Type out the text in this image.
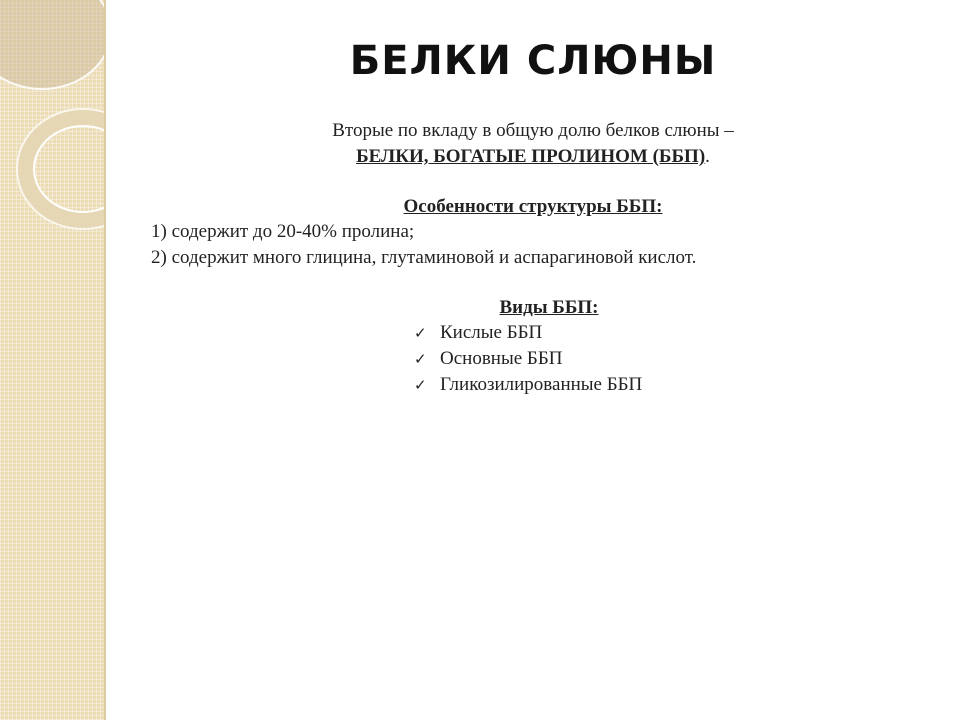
БЕЛКИ СЛЮНЫ
Вторые по вкладу в общую долю белков слюны –
БЕЛКИ, БОГАТЫЕ ПРОЛИНОМ (ББП).
Особенности структуры ББП:
1) содержит до 20-40% пролина;
2) содержит много глицина, глутаминовой и аспарагиновой кислот.
Виды ББП:
✓ Кислые ББП
✓ Основные ББП
✓ Гликозилированные ББП
